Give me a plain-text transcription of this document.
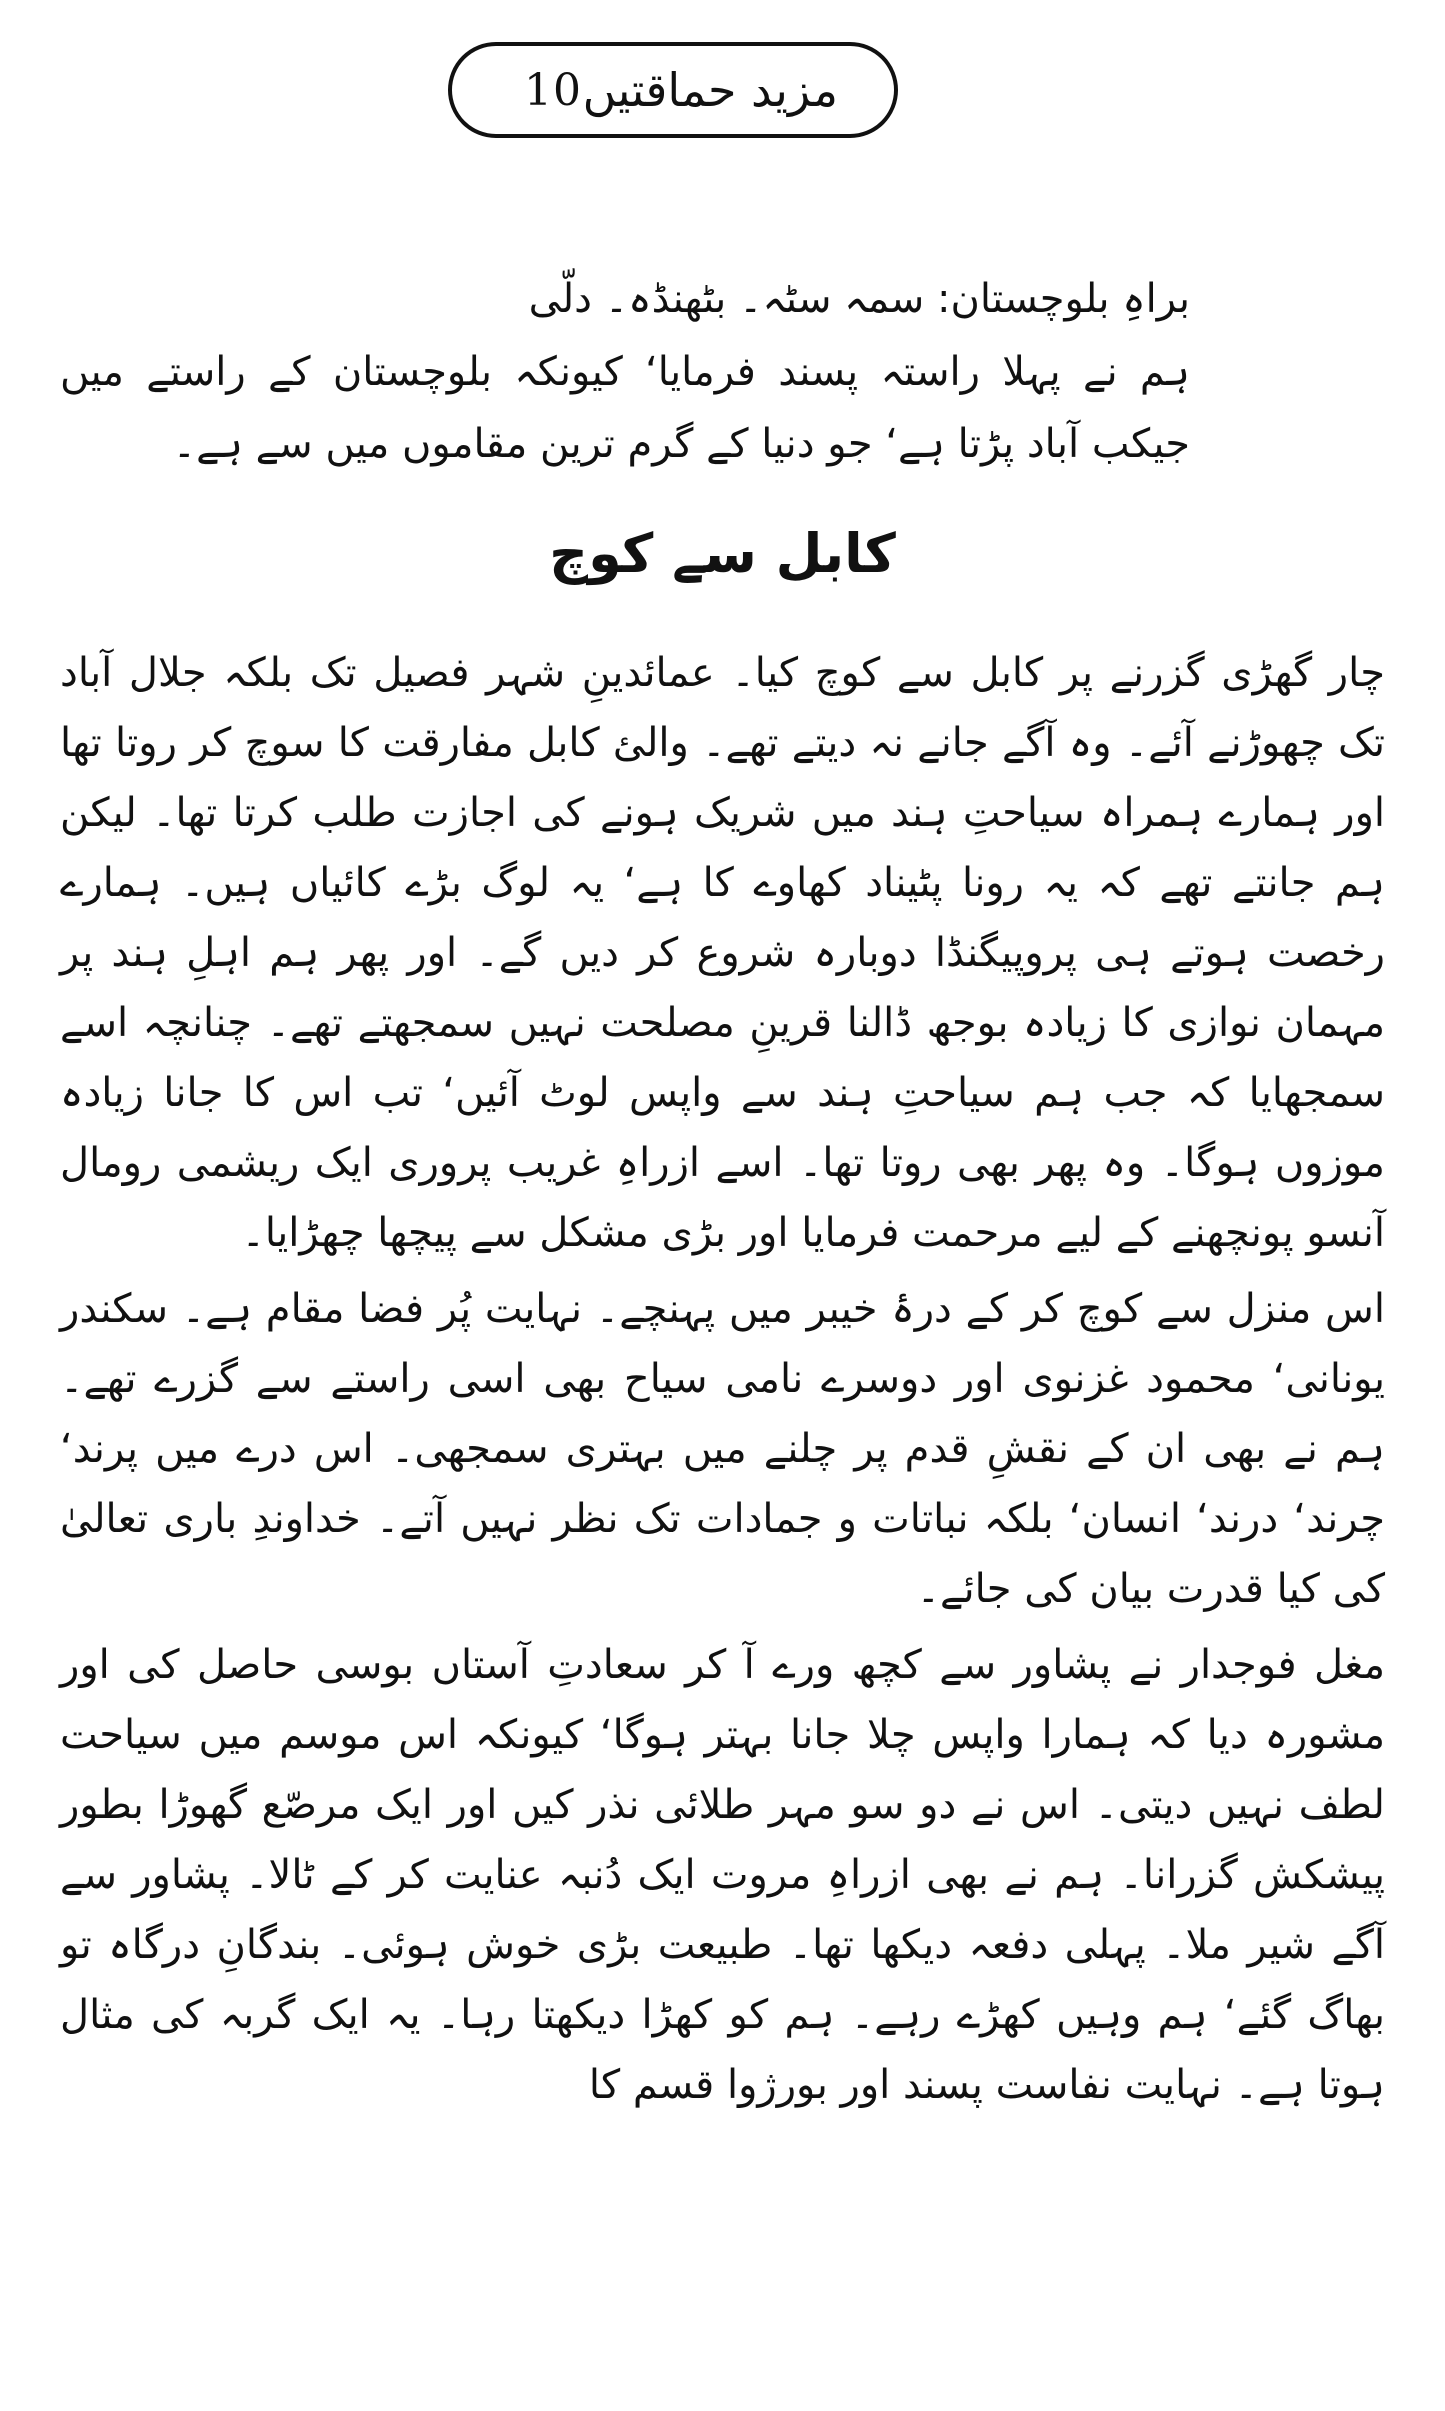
10 مزید حماقتیں
براہِ بلوچستان: سمہ سٹہ۔ بٹھنڈہ۔ دلّی

ہم نے پہلا راستہ پسند فرمایا‘ کیونکہ بلوچستان کے راستے میں جیکب آباد پڑتا ہے‘ جو دنیا کے گرم ترین مقاموں میں سے ہے۔

کابل سے کوچ

چار گھڑی گزرنے پر کابل سے کوچ کیا۔ عمائدینِ شہر فصیل تک بلکہ جلال آباد تک چھوڑنے آئے۔ وہ آگے جانے نہ دیتے تھے۔ والئ کابل مفارقت کا سوچ کر روتا تھا اور ہمارے ہمراہ سیاحتِ ہند میں شریک ہونے کی اجازت طلب کرتا تھا۔ لیکن ہم جانتے تھے کہ یہ رونا پٹیناد کھاوے کا ہے‘ یہ لوگ بڑے کائیاں ہیں۔ ہمارے رخصت ہوتے ہی پروپیگنڈا دوبارہ شروع کر دیں گے۔ اور پھر ہم اہلِ ہند پر مہمان نوازی کا زیادہ بوجھ ڈالنا قرینِ مصلحت نہیں سمجھتے تھے۔ چنانچہ اسے سمجھایا کہ جب ہم سیاحتِ ہند سے واپس لوٹ آئیں‘ تب اس کا جانا زیادہ موزوں ہوگا۔ وہ پھر بھی روتا تھا۔ اسے ازراہِ غریب پروری ایک ریشمی رومال آنسو پونچھنے کے لیے مرحمت فرمایا اور بڑی مشکل سے پیچھا چھڑایا۔

اس منزل سے کوچ کر کے درۂ خیبر میں پہنچے۔ نہایت پُر فضا مقام ہے۔ سکندر یونانی‘ محمود غزنوی اور دوسرے نامی سیاح بھی اسی راستے سے گزرے تھے۔ ہم نے بھی ان کے نقشِ قدم پر چلنے میں بہتری سمجھی۔ اس درے میں پرند‘ چرند‘ درند‘ انسان‘ بلکہ نباتات و جمادات تک نظر نہیں آتے۔ خداوندِ باری تعالیٰ کی کیا قدرت بیان کی جائے۔

مغل فوجدار نے پشاور سے کچھ ورے آ کر سعادتِ آستاں بوسی حاصل کی اور مشورہ دیا کہ ہمارا واپس چلا جانا بہتر ہوگا‘ کیونکہ اس موسم میں سیاحت لطف نہیں دیتی۔ اس نے دو سو مہر طلائی نذر کیں اور ایک مرصّع گھوڑا بطور پیشکش گزرانا۔ ہم نے بھی ازراہِ مروت ایک دُنبہ عنایت کر کے ٹالا۔ پشاور سے آگے شیر ملا۔ پہلی دفعہ دیکھا تھا۔ طبیعت بڑی خوش ہوئی۔ بندگانِ درگاہ تو بھاگ گئے‘ ہم وہیں کھڑے رہے۔ ہم کو کھڑا دیکھتا رہا۔ یہ ایک گربہ کی مثال ہوتا ہے۔ نہایت نفاست پسند اور بورژوا قسم کا
